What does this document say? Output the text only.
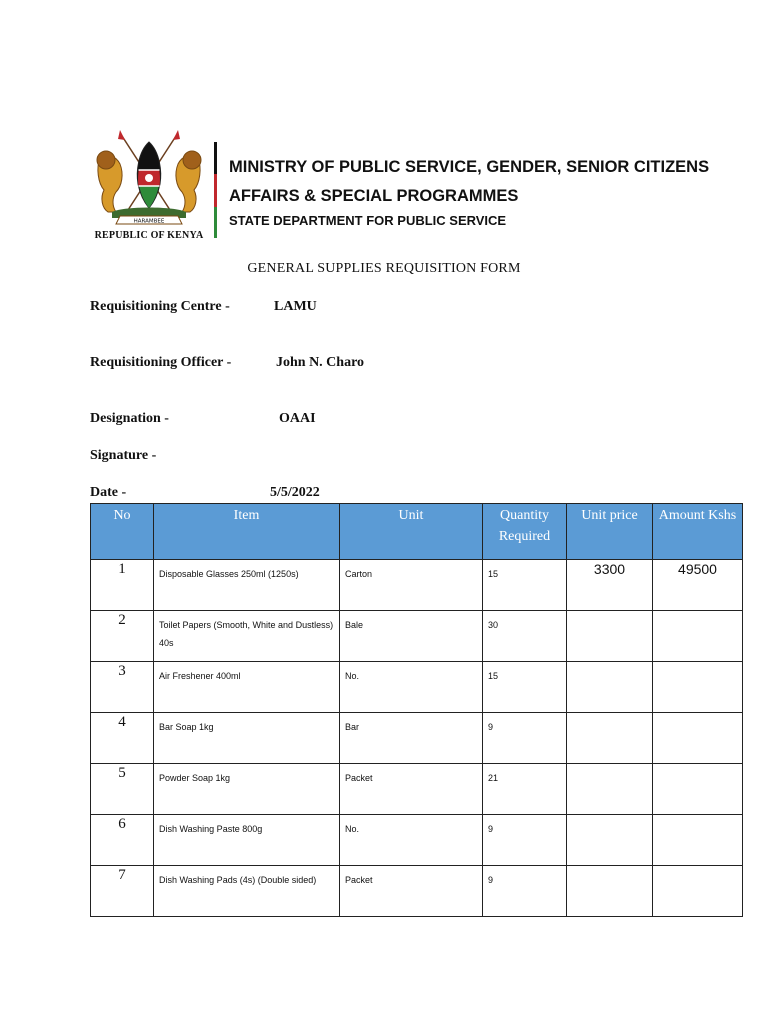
HARAMBEE
REPUBLIC OF KENYA
MINISTRY OF PUBLIC SERVICE, GENDER, SENIOR CITIZENS
AFFAIRS & SPECIAL PROGRAMMES
STATE DEPARTMENT FOR PUBLIC SERVICE
GENERAL SUPPLIES REQUISITION FORM
Requisitioning Centre -	LAMU
Requisitioning Officer -	John N. Charo
Designation -	OAAI
Signature -
Date -	5/5/2022
No	Item	Unit	Quantity Required	Unit price	Amount Kshs
1	Disposable Glasses 250ml (1250s)	Carton	15	3300	49500
2	Toilet Papers (Smooth, White and Dustless) 40s	Bale	30		
3	Air Freshener 400ml	No.	15		
4	Bar Soap 1kg	Bar	9		
5	Powder Soap 1kg	Packet	21		
6	Dish Washing Paste 800g	No.	9		
7	Dish Washing Pads (4s) (Double sided)	Packet	9		
